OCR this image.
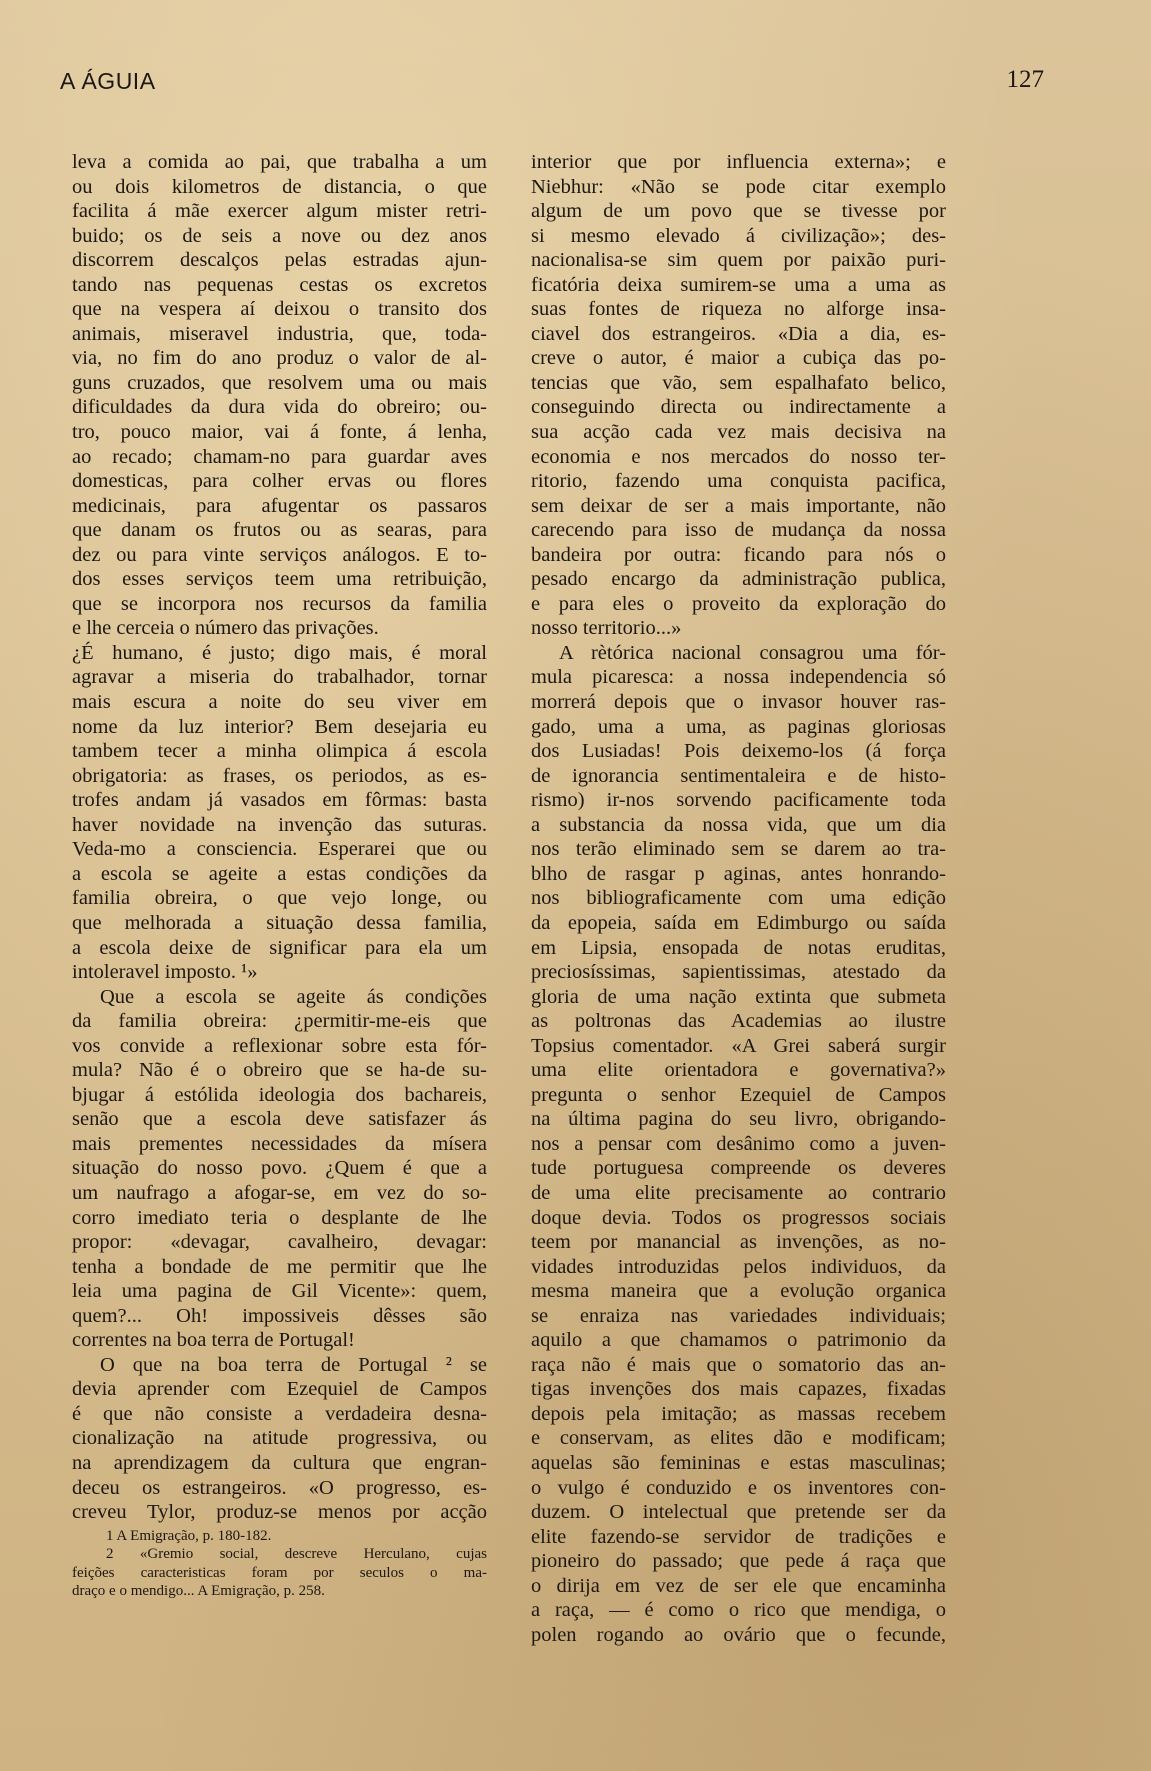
A ÁGUIA	127
leva a comida ao pai, que trabalha a um
ou dois kilometros de distancia, o que
facilita á mãe exercer algum mister retri-
buido; os de seis a nove ou dez anos
discorrem descalços pelas estradas ajun-
tando nas pequenas cestas os excretos
que na vespera aí deixou o transito dos
animais, miseravel industria, que, toda-
via, no fim do ano produz o valor de al-
guns cruzados, que resolvem uma ou mais
dificuldades da dura vida do obreiro; ou-
tro, pouco maior, vai á fonte, á lenha,
ao recado; chamam-no para guardar aves
domesticas, para colher ervas ou flores
medicinais, para afugentar os passaros
que danam os frutos ou as searas, para
dez ou para vinte serviços análogos. E to-
dos esses serviços teem uma retribuição,
que se incorpora nos recursos da familia
e lhe cerceia o número das privações.
¿É humano, é justo; digo mais, é moral
agravar a miseria do trabalhador, tornar
mais escura a noite do seu viver em
nome da luz interior? Bem desejaria eu
tambem tecer a minha olimpica á escola
obrigatoria: as frases, os periodos, as es-
trofes andam já vasados em fôrmas: basta
haver novidade na invenção das suturas.
Veda-mo a consciencia. Esperarei que ou
a escola se ageite a estas condições da
familia obreira, o que vejo longe, ou
que melhorada a situação dessa familia,
a escola deixe de significar para ela um
intoleravel imposto. ¹»
Que a escola se ageite ás condições
da familia obreira: ¿permitir-me-eis que
vos convide a reflexionar sobre esta fór-
mula? Não é o obreiro que se ha-de su-
bjugar á estólida ideologia dos bachareis,
senão que a escola deve satisfazer ás
mais prementes necessidades da mísera
situação do nosso povo. ¿Quem é que a
um naufrago a afogar-se, em vez do so-
corro imediato teria o desplante de lhe
propor: «devagar, cavalheiro, devagar:
tenha a bondade de me permitir que lhe
leia uma pagina de Gil Vicente»: quem,
quem?... Oh! impossiveis dêsses são
correntes na boa terra de Portugal!
O que na boa terra de Portugal ² se
devia aprender com Ezequiel de Campos
é que não consiste a verdadeira desna-
cionalização na atitude progressiva, ou
na aprendizagem da cultura que engran-
deceu os estrangeiros. «O progresso, es-
creveu Tylor, produz-se menos por acção
interior que por influencia externa»; e
Niebhur: «Não se pode citar exemplo
algum de um povo que se tivesse por
si mesmo elevado á civilização»; des-
nacionalisa-se sim quem por paixão puri-
ficatória deixa sumirem-se uma a uma as
suas fontes de riqueza no alforge insa-
ciavel dos estrangeiros. «Dia a dia, es-
creve o autor, é maior a cubiça das po-
tencias que vão, sem espalhafato belico,
conseguindo directa ou indirectamente a
sua acção cada vez mais decisiva na
economia e nos mercados do nosso ter-
ritorio, fazendo uma conquista pacifica,
sem deixar de ser a mais importante, não
carecendo para isso de mudança da nossa
bandeira por outra: ficando para nós o
pesado encargo da administração publica,
e para eles o proveito da exploração do
nosso territorio...»
A rètórica nacional consagrou uma fór-
mula picaresca: a nossa independencia só
morrerá depois que o invasor houver ras-
gado, uma a uma, as paginas gloriosas
dos Lusiadas! Pois deixemo-los (á força
de ignorancia sentimentaleira e de histo-
rismo) ir-nos sorvendo pacificamente toda
a substancia da nossa vida, que um dia
nos terão eliminado sem se darem ao tra-
blho de rasgar p aginas, antes honrando-
nos bibliograficamente com uma edição
da epopeia, saída em Edimburgo ou saída
em Lipsia, ensopada de notas eruditas,
preciosíssimas, sapientissimas, atestado da
gloria de uma nação extinta que submeta
as poltronas das Academias ao ilustre
Topsius comentador. «A Grei saberá surgir
uma elite orientadora e governativa?»
pregunta o senhor Ezequiel de Campos
na última pagina do seu livro, obrigando-
nos a pensar com desânimo como a juven-
tude portuguesa compreende os deveres
de uma elite precisamente ao contrario
doque devia. Todos os progressos sociais
teem por manancial as invenções, as no-
vidades introduzidas pelos individuos, da
mesma maneira que a evolução organica
se enraiza nas variedades individuais;
aquilo a que chamamos o patrimonio da
raça não é mais que o somatorio das an-
tigas invenções dos mais capazes, fixadas
depois pela imitação; as massas recebem
e conservam, as elites dão e modificam;
aquelas são femininas e estas masculinas;
o vulgo é conduzido e os inventores con-
duzem. O intelectual que pretende ser da
elite fazendo-se servidor de tradições e
pioneiro do passado; que pede á raça que
o dirija em vez de ser ele que encaminha
a raça, — é como o rico que mendiga, o
polen rogando ao ovário que o fecunde,
1 A Emigração, p. 180-182.
2 «Gremio social, descreve Herculano, cujas
feições caracteristicas foram por seculos o ma-
draço e o mendigo... A Emigração, p. 258.
